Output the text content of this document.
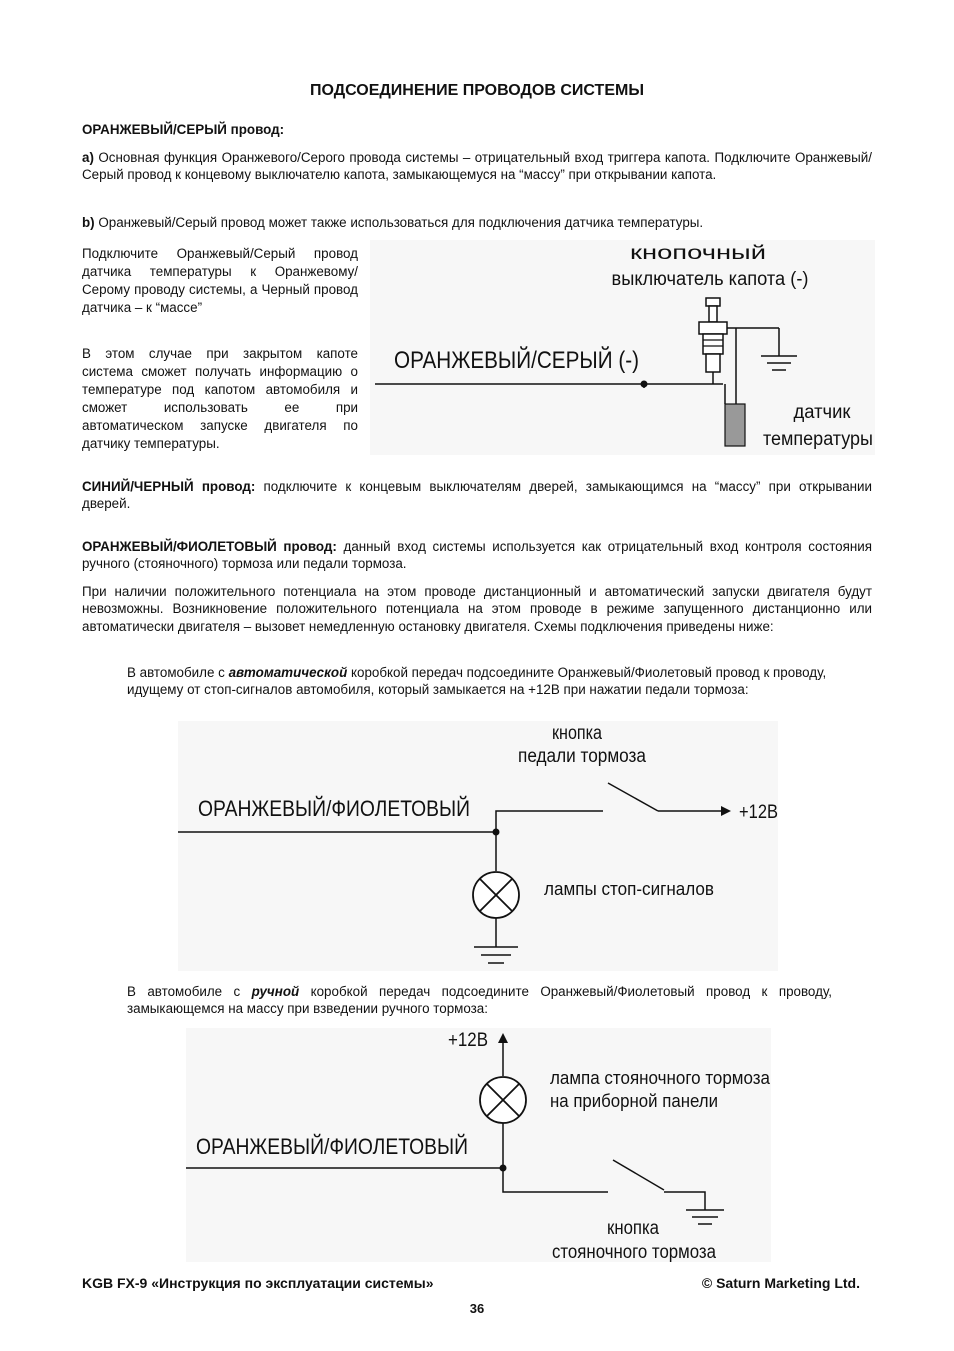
ПОДСОЕДИНЕНИЕ ПРОВОДОВ СИСТЕМЫ
ОРАНЖЕВЫЙ/СЕРЫЙ провод:
a) Основная функция Оранжевого/Серого провода системы – отрицательный вход триггера капота. Подключите Оранжевый/Серый провод к концевому выключателю капота, замыкающемуся на “массу” при открывании капота.
b) Оранжевый/Серый провод может также использоваться для подключения датчика температуры.
Подключите Оранжевый/Серый провод датчика температуры к Оранжевому/Серому проводу системы, а Черный провод датчика – к “массе”
В этом случае при закрытом капоте система сможет получать информацию о температуре под капотом автомобиля и сможет использовать ее при автоматическом запуске двигателя по датчику температуры.
кнопочный
выключатель капота (-)
ОРАНЖЕВЫЙ/СЕРЫЙ (-)
датчик
температуры
СИНИЙ/ЧЕРНЫЙ провод: подключите к концевым выключателям дверей, замыкающимся на “массу” при открывании дверей.
ОРАНЖЕВЫЙ/ФИОЛЕТОВЫЙ провод: данный вход системы используется как отрицательный вход контроля состояния ручного (стояночного) тормоза или педали тормоза.
При наличии положительного потенциала на этом проводе дистанционный и автоматический запуски двигателя будут невозможны. Возникновение положительного потенциала на этом проводе в режиме запущенного дистанционно или автоматически двигателя – вызовет немедленную остановку двигателя. Схемы подключения приведены ниже:
В автомобиле с автоматической коробкой передач подсоедините Оранжевый/Фиолетовый провод к проводу, идущему от стоп-сигналов автомобиля, который замыкается на +12В при нажатии педали тормоза:
кнопка
педали тормоза
ОРАНЖЕВЫЙ/ФИОЛЕТОВЫЙ	+12В
лампы стоп-сигналов
В автомобиле с ручной коробкой передач подсоедините Оранжевый/Фиолетовый провод к проводу, замыкающемся на массу при взведении ручного тормоза:
+12В
лампа стояночного тормоза
на приборной панели
ОРАНЖЕВЫЙ/ФИОЛЕТОВЫЙ
кнопка
стояночного тормоза
KGB FX-9 «Инструкция по эксплуатации системы»	© Saturn Marketing Ltd.
36
